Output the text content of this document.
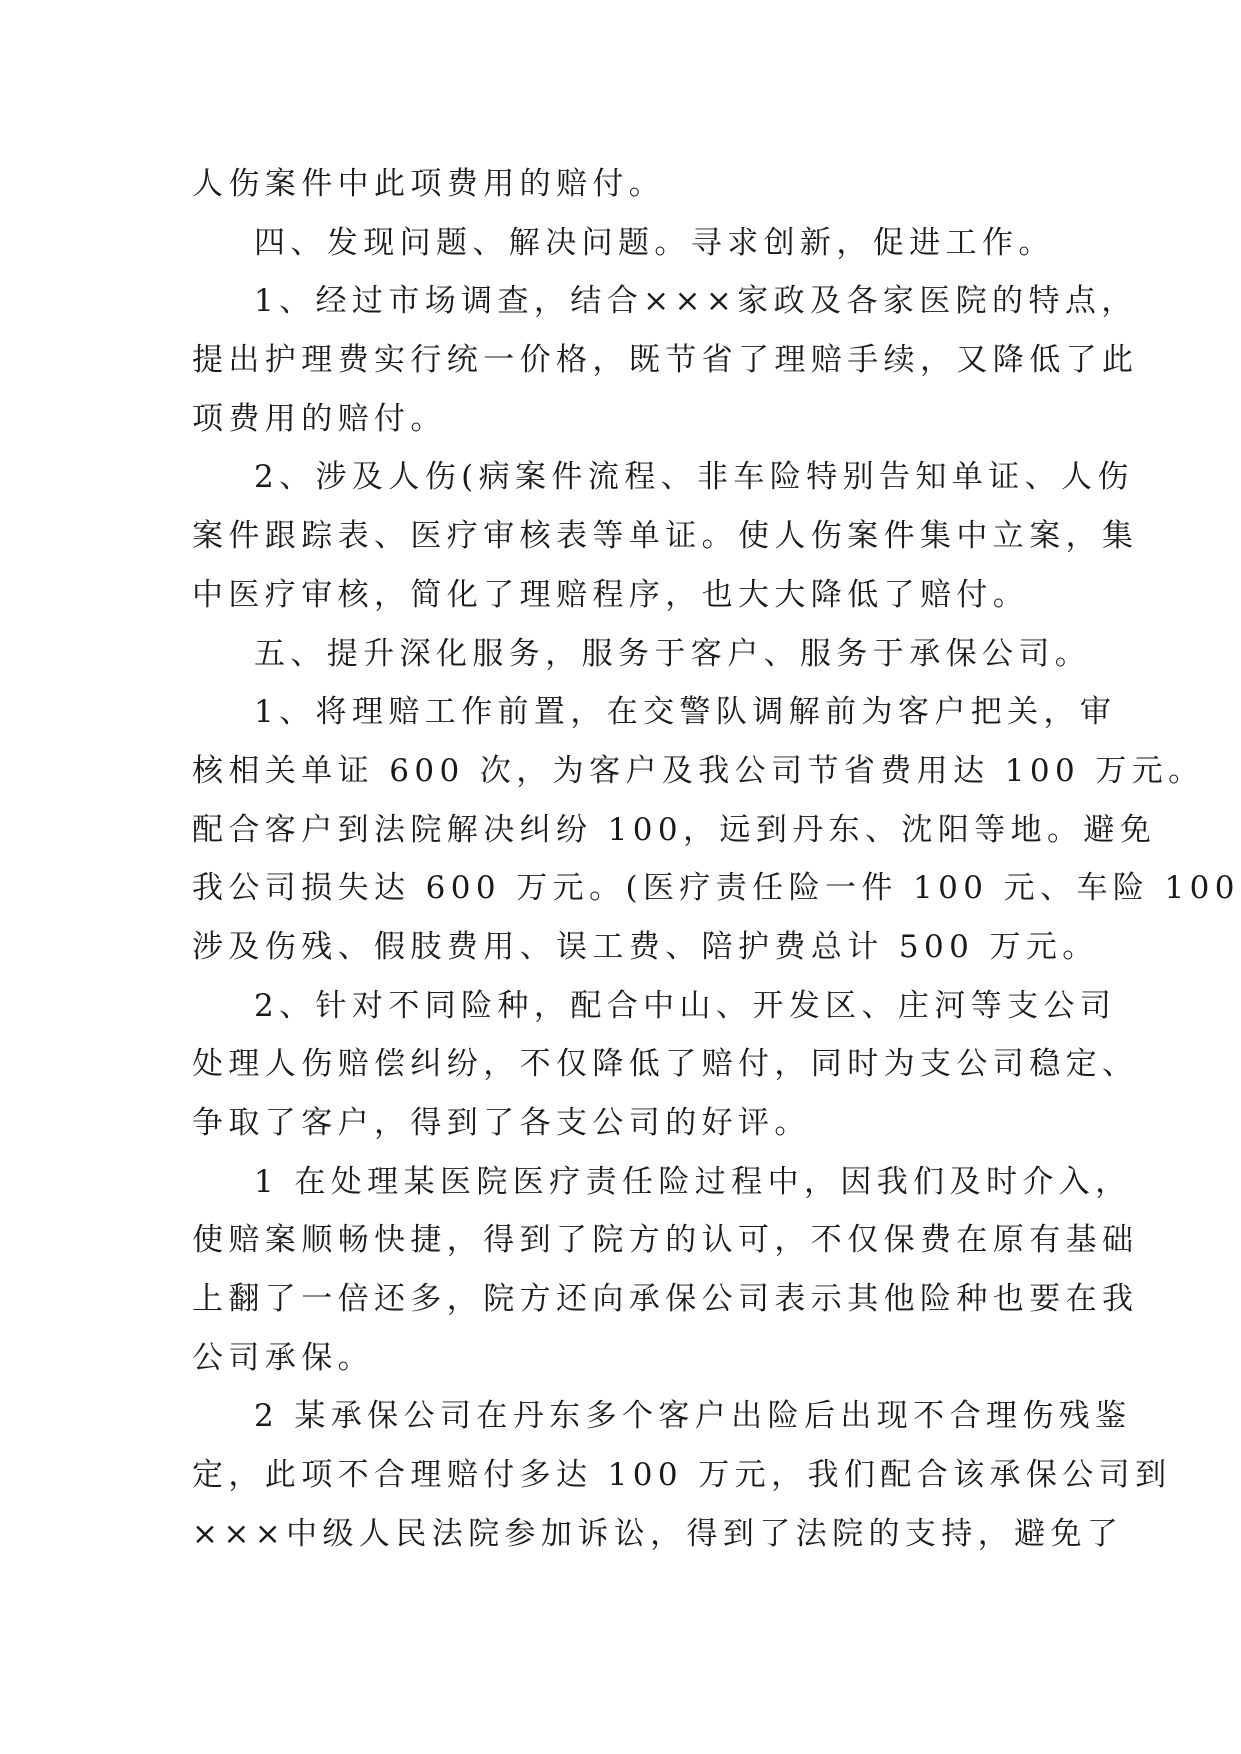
人伤案件中此项费用的赔付。
四、发现问题、解决问题。寻求创新，促进工作。
1、经过市场调查，结合×××家政及各家医院的特点，
提出护理费实行统一价格，既节省了理赔手续，又降低了此
项费用的赔付。
2、涉及人伤(病案件流程、非车险特别告知单证、人伤
案件跟踪表、医疗审核表等单证。使人伤案件集中立案，集
中医疗审核，简化了理赔程序，也大大降低了赔付。
五、提升深化服务，服务于客户、服务于承保公司。
1、将理赔工作前置，在交警队调解前为客户把关，审
核相关单证 600 次，为客户及我公司节省费用达 100 万元。
配合客户到法院解决纠纷 100，远到丹东、沈阳等地。避免
我公司损失达 600 万元。(医疗责任险一件 100 元、车险 100
涉及伤残、假肢费用、误工费、陪护费总计 500 万元。
2、针对不同险种，配合中山、开发区、庄河等支公司
处理人伤赔偿纠纷，不仅降低了赔付，同时为支公司稳定、
争取了客户，得到了各支公司的好评。
1 在处理某医院医疗责任险过程中，因我们及时介入，
使赔案顺畅快捷，得到了院方的认可，不仅保费在原有基础
上翻了一倍还多，院方还向承保公司表示其他险种也要在我
公司承保。
2 某承保公司在丹东多个客户出险后出现不合理伤残鉴
定，此项不合理赔付多达 100 万元，我们配合该承保公司到
×××中级人民法院参加诉讼，得到了法院的支持，避免了
